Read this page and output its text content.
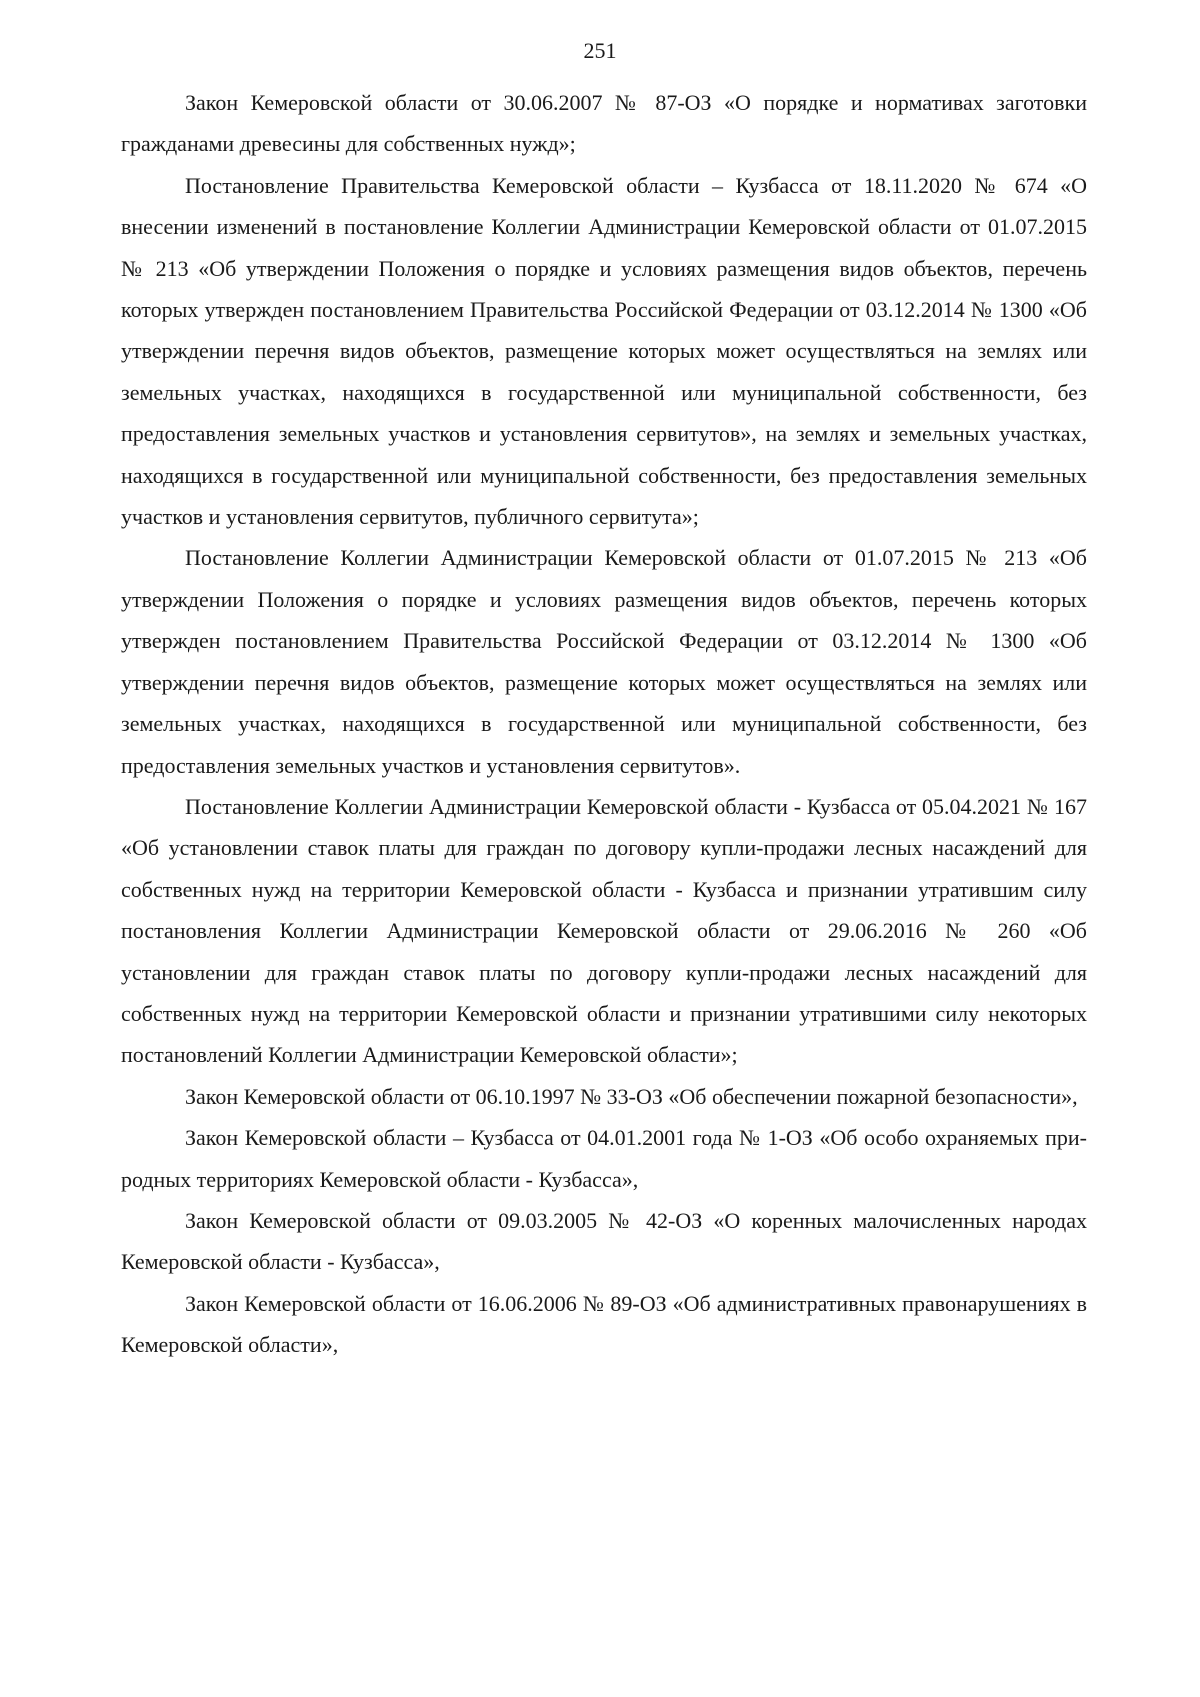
251

Закон Кемеровской области от 30.06.2007 № 87-ОЗ «О порядке и нормативах заготовки гражданами древесины для собственных нужд»;

Постановление Правительства Кемеровской области – Кузбасса от 18.11.2020 № 674 «О внесении изменений в постановление Коллегии Администрации Кемеровской области от 01.07.2015 № 213 «Об утверждении Положения о порядке и условиях размещения видов объектов, перечень которых утвержден постановлением Правительства Российской Федерации от 03.12.2014 № 1300 «Об утверждении перечня видов объектов, размещение которых может осуществляться на землях или земельных участках, находящихся в государственной или муниципальной собственности, без предоставления земельных участков и установления сервитутов», на землях и земельных участках, находящихся в государственной или муниципальной собственности, без предоставления земельных участков и установления сервитутов, публичного сервитута»;

Постановление Коллегии Администрации Кемеровской области от 01.07.2015 № 213 «Об утверждении Положения о порядке и условиях размещения видов объектов, перечень которых утвержден постановлением Правительства Российской Федерации от 03.12.2014 № 1300 «Об утверждении перечня видов объектов, размещение которых может осуществляться на землях или земельных участках, находящихся в государственной или муниципальной собственности, без предоставления земельных участков и установления сервитутов».

Постановление Коллегии Администрации Кемеровской области - Кузбасса от 05.04.2021 № 167 «Об установлении ставок платы для граждан по договору купли-продажи лесных насаждений для собственных нужд на территории Кемеровской области - Кузбасса и признании утратившим силу постановления Коллегии Администрации Кемеровской области от 29.06.2016 № 260 «Об установлении для граждан ставок платы по договору купли-продажи лесных насаждений для собственных нужд на территории Кемеровской области и признании утратившими силу некоторых постановлений Коллегии Администрации Кемеровской области»;

Закон Кемеровской области от 06.10.1997 № 33-ОЗ «Об обеспечении пожарной безопасности»,

Закон Кемеровской области – Кузбасса от 04.01.2001 года № 1-ОЗ «Об особо охраняемых при-родных территориях Кемеровской области - Кузбасса»,

Закон Кемеровской области от 09.03.2005 № 42-ОЗ «О коренных малочисленных народах Кемеровской области - Кузбасса»,

Закон Кемеровской области от 16.06.2006 № 89-ОЗ «Об административных правонарушениях в Кемеровской области»,
